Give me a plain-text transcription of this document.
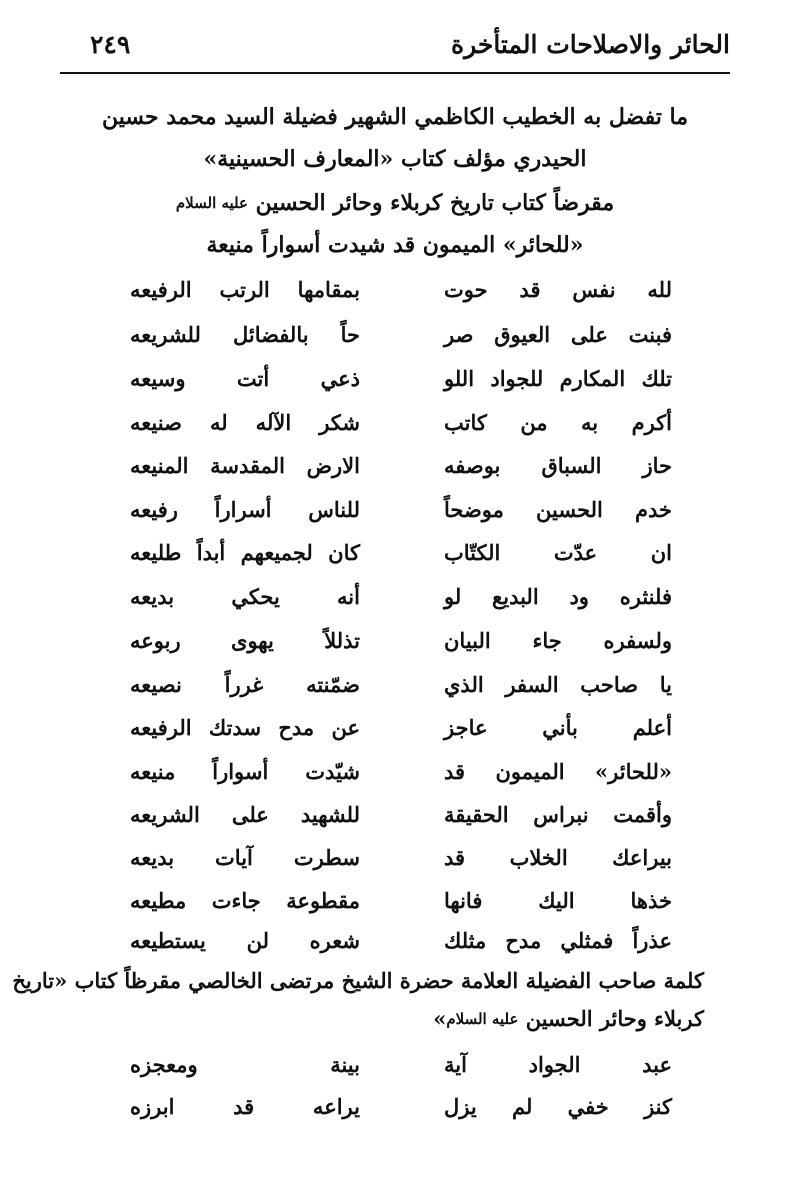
الحائر والاصلاحات المتأخرة
٢٤٩
ما تفضل به الخطيب الكاظمي الشهير فضيلة السيد محمد حسين
الحيدري مؤلف كتاب «المعارف الحسينية»
مقرضاً كتاب تاريخ كربلاء وحائر الحسين عليه السلام
«للحائر» الميمون قد شيدت أسواراً منيعة
لله نفس قد حوت
بمقامها الرتب الرفيعه
فبنت على العيوق صر
حاً بالفضائل للشريعه
تلك المكارم للجواد اللو
ذعي أتت وسيعه
أكرم به من كاتب
شكر الآله له صنيعه
حاز السباق بوصفه
الارض المقدسة المنيعه
خدم الحسين موضحاً
للناس أسراراً رفيعه
ان عدّت الكتّاب
كان لجميعهم أبداً طليعه
فلنثره ود البديع لو
أنه يحكي بديعه
ولسفره جاء البيان
تذللاً يهوى ربوعه
يا صاحب السفر الذي
ضمّنته غرراً نصيعه
أعلم بأني عاجز
عن مدح سدتك الرفيعه
«للحائر» الميمون قد
شيّدت أسواراً منيعه
وأقمت نبراس الحقيقة
للشهيد على الشريعه
بيراعك الخلاب قد
سطرت آيات بديعه
خذها اليك فانها
مقطوعة جاءت مطيعه
عذراً فمثلي مدح مثلك
شعره لن يستطيعه
كلمة صاحب الفضيلة العلامة حضرة الشيخ مرتضى الخالصي مقرظاً كتاب «تاريخ
كربلاء وحائر الحسين عليه السلام»
عبد الجواد آية
بينة ومعجزه
كنز خفي لم يزل
يراعه قد ابرزه
